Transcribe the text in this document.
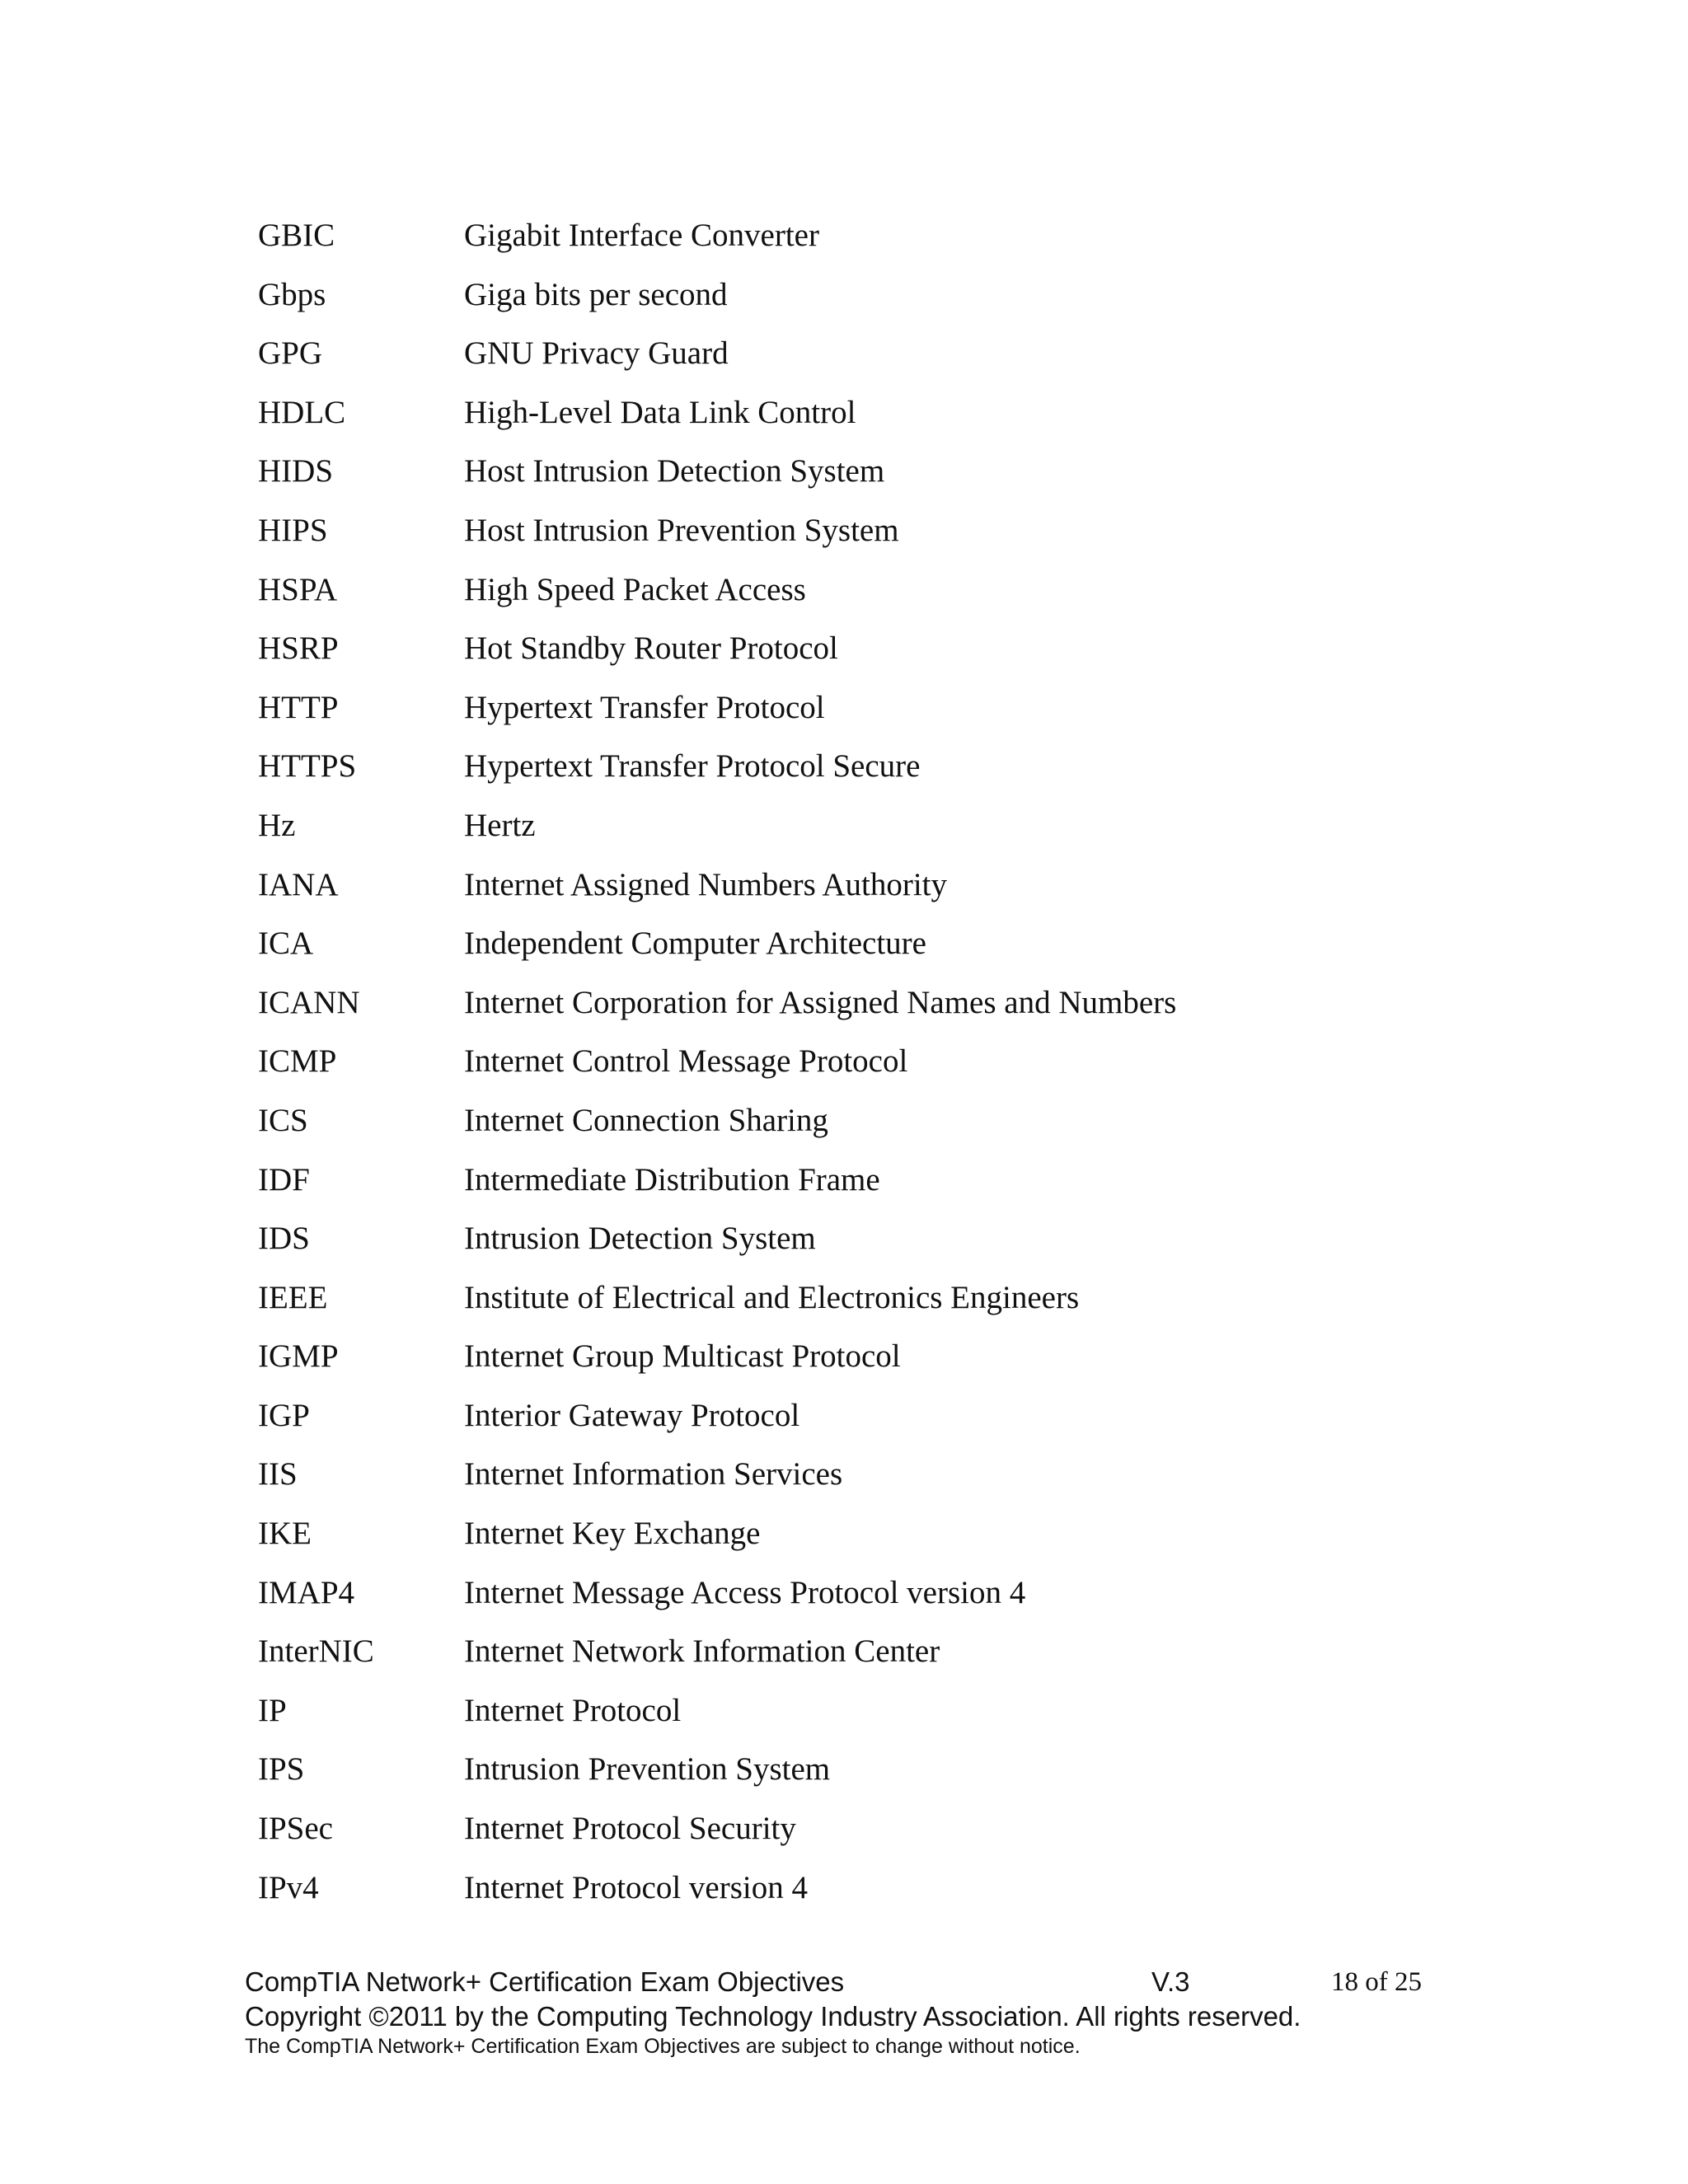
GBIC	Gigabit Interface Converter
Gbps	Giga bits per second
GPG	GNU Privacy Guard
HDLC	High-Level Data Link Control
HIDS	Host Intrusion Detection System
HIPS	Host Intrusion Prevention System
HSPA	High Speed Packet Access
HSRP	Hot Standby Router Protocol
HTTP	Hypertext Transfer Protocol
HTTPS	Hypertext Transfer Protocol Secure
Hz	Hertz
IANA	Internet Assigned Numbers Authority
ICA	Independent Computer Architecture
ICANN	Internet Corporation for Assigned Names and Numbers
ICMP	Internet Control Message Protocol
ICS	Internet Connection Sharing
IDF	Intermediate Distribution Frame
IDS	Intrusion Detection System
IEEE	Institute of Electrical and Electronics Engineers
IGMP	Internet Group Multicast Protocol
IGP	Interior Gateway Protocol
IIS	Internet Information Services
IKE	Internet Key Exchange
IMAP4	Internet Message Access Protocol version 4
InterNIC	Internet Network Information Center
IP	Internet Protocol
IPS	Intrusion Prevention System
IPSec	Internet Protocol Security
IPv4	Internet Protocol version 4
CompTIA Network+ Certification Exam Objectives	V.3	18 of 25
Copyright ©2011 by the Computing Technology Industry Association. All rights reserved.
The CompTIA Network+ Certification Exam Objectives are subject to change without notice.
